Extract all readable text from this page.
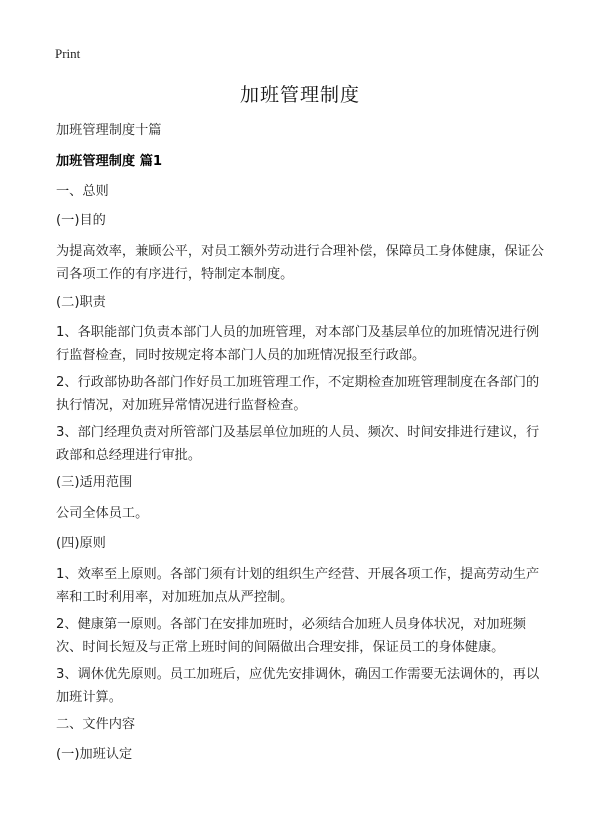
Print
加班管理制度

加班管理制度十篇

加班管理制度 篇1

一、总则

(一)目的

为提高效率，兼顾公平，对员工额外劳动进行合理补偿，保障员工身体健康，保证公司各项工作的有序进行，特制定本制度。

(二)职责

1、各职能部门负责本部门人员的加班管理，对本部门及基层单位的加班情况进行例行监督检查，同时按规定将本部门人员的加班情况报至行政部。

2、行政部协助各部门作好员工加班管理工作，不定期检查加班管理制度在各部门的执行情况，对加班异常情况进行监督检查。

3、部门经理负责对所管部门及基层单位加班的人员、频次、时间安排进行建议，行政部和总经理进行审批。

(三)适用范围

公司全体员工。

(四)原则

1、效率至上原则。各部门须有计划的组织生产经营、开展各项工作，提高劳动生产率和工时利用率，对加班加点从严控制。

2、健康第一原则。各部门在安排加班时，必须结合加班人员身体状况，对加班频次、时间长短及与正常上班时间的间隔做出合理安排，保证员工的身体健康。

3、调休优先原则。员工加班后，应优先安排调休，确因工作需要无法调休的，再以加班计算。

二、文件内容

(一)加班认定
